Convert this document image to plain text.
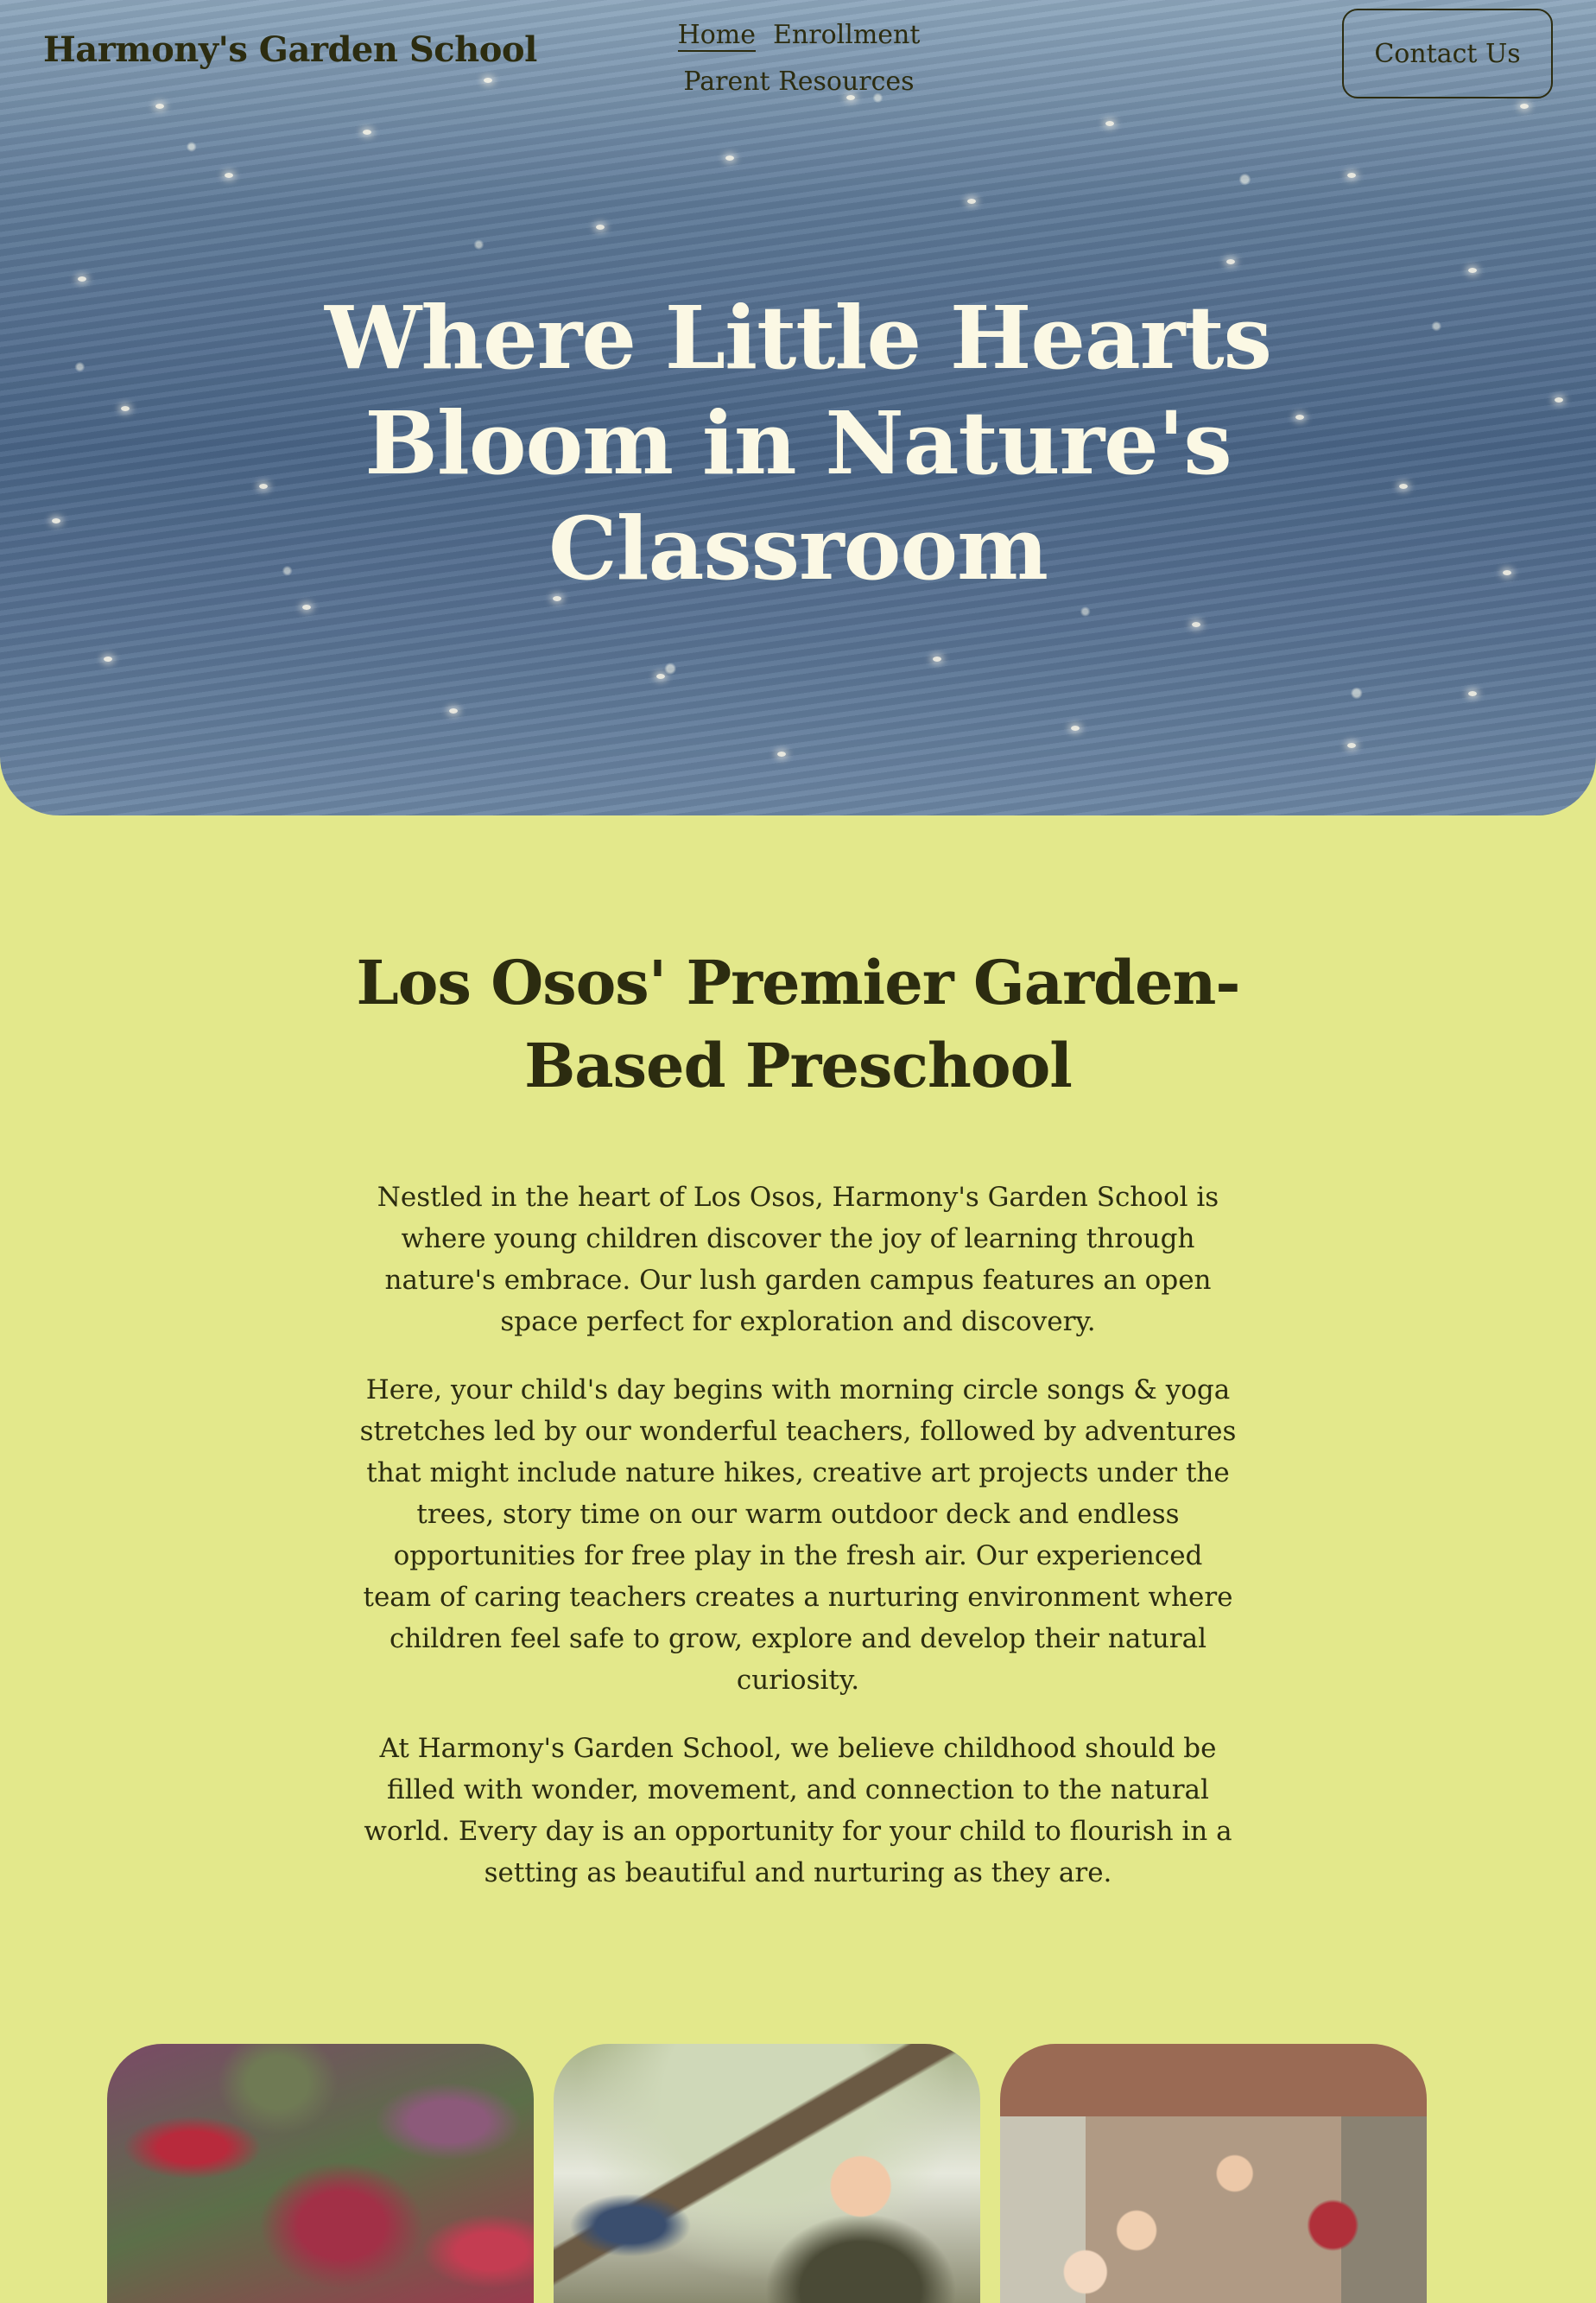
Harmony's Garden School	Home Enrollment
Parent Resources
Contact Us
Where Little Hearts Bloom in Nature's Classroom
Los Osos' Premier Garden-Based Preschool

Nestled in the heart of Los Osos, Harmony's Garden School is where young children discover the joy of learning through nature's embrace. Our lush garden campus features an open space perfect for exploration and discovery.

Here, your child's day begins with morning circle songs & yoga stretches led by our wonderful teachers, followed by adventures that might include nature hikes, creative art projects under the trees, story time on our warm outdoor deck and endless opportunities for free play in the fresh air. Our experienced team of caring teachers creates a nurturing environment where children feel safe to grow, explore and develop their natural curiosity.

At Harmony's Garden School, we believe childhood should be filled with wonder, movement, and connection to the natural world. Every day is an opportunity for your child to flourish in a setting as beautiful and nurturing as they are.
